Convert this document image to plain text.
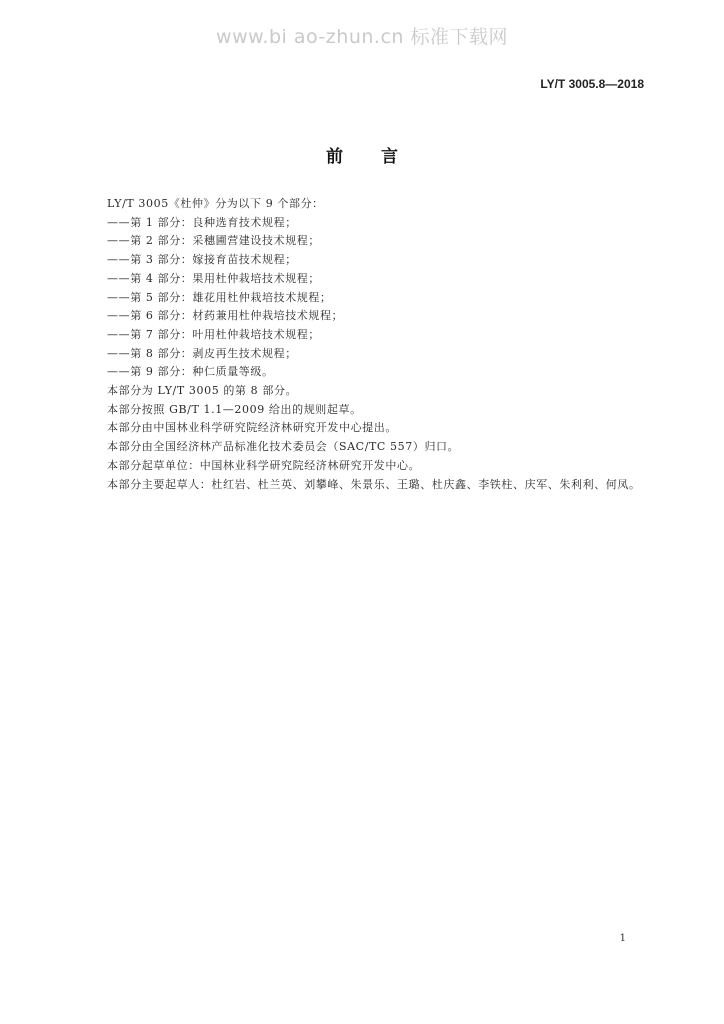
www.bi ao-zhun.cn 标准下载网
LY/T 3005.8—2018
前言
LY/T 3005《杜仲》分为以下 9 个部分：
——第 1 部分：良种选育技术规程；
——第 2 部分：采穗圃营建设技术规程；
——第 3 部分：嫁接育苗技术规程；
——第 4 部分：果用杜仲栽培技术规程；
——第 5 部分：雄花用杜仲栽培技术规程；
——第 6 部分：材药兼用杜仲栽培技术规程；
——第 7 部分：叶用杜仲栽培技术规程；
——第 8 部分：剥皮再生技术规程；
——第 9 部分：种仁质量等级。
本部分为 LY/T 3005 的第 8 部分。
本部分按照 GB/T 1.1—2009 给出的规则起草。
本部分由中国林业科学研究院经济林研究开发中心提出。
本部分由全国经济林产品标准化技术委员会（SAC/TC 557）归口。
本部分起草单位：中国林业科学研究院经济林研究开发中心。
本部分主要起草人：杜红岩、杜兰英、刘攀峰、朱景乐、王璐、杜庆鑫、李铁柱、庆军、朱利利、何凤。
1
